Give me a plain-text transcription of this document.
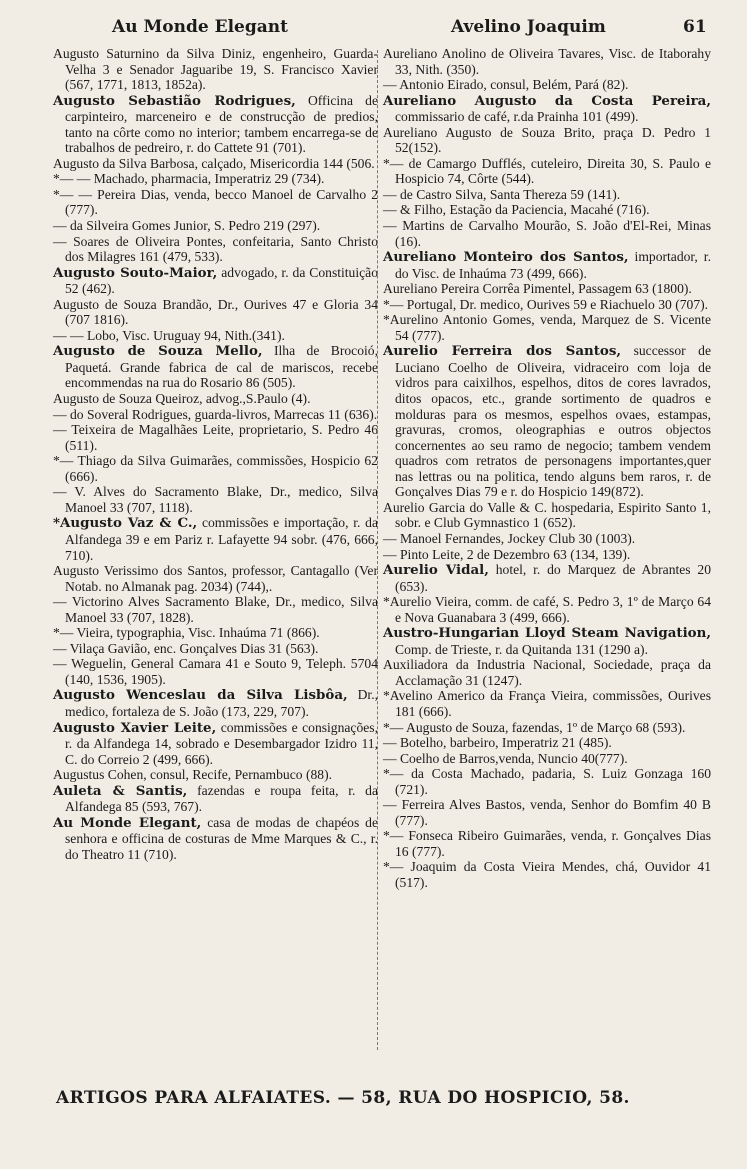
Au Monde Elegant	Avelino Joaquim	61

Augusto Saturnino da Silva Diniz, engenheiro, Guarda-Velha 3 e Senador Jaguaribe 19, S. Francisco Xavier (567, 1771, 1813, 1852a).

Augusto Sebastião Rodrigues, Officina de carpinteiro, marceneiro e de construcção de predios, tanto na côrte como no interior; tambem encarrega-se de trabalhos de pedreiro, r. do Cattete 91 (701).

Augusto da Silva Barbosa, calçado, Misericordia 144 (506.

*— — Machado, pharmacia, Imperatriz 29 (734).

*— — Pereira Dias, venda, becco Manoel de Carvalho 2 (777).

— da Silveira Gomes Junior, S. Pedro 219 (297).

— Soares de Oliveira Pontes, confeitaria, Santo Christo dos Milagres 161 (479, 533).

Augusto Souto-Maior, advogado, r. da Constituição 52 (462).

Augusto de Souza Brandão, Dr., Ourives 47 e Gloria 34 (707 1816).

— — Lobo, Visc. Uruguay 94, Nith.(341).

Augusto de Souza Mello, Ilha de Brocoió, Paquetá. Grande fabrica de cal de mariscos, recebe encommendas na rua do Rosario 86 (505).

Augusto de Souza Queiroz, advog.,S.Paulo (4).

— do Soveral Rodrigues, guarda-livros, Marrecas 11 (636).

— Teixeira de Magalhães Leite, proprietario, S. Pedro 46 (511).

*— Thiago da Silva Guimarães, commissões, Hospicio 62 (666).

— V. Alves do Sacramento Blake, Dr., medico, Silva Manoel 33 (707, 1118).

*Augusto Vaz & C., commissões e importação, r. da Alfandega 39 e em Pariz r. Lafayette 94 sobr. (476, 666, 710).

Augusto Verissimo dos Santos, professor, Cantagallo (Ver Notab. no Almanak pag. 2034) (744),.

— Victorino Alves Sacramento Blake, Dr., medico, Silva Manoel 33 (707, 1828).

*— Vieira, typographia, Visc. Inhaúma 71 (866).

— Vilaça Gavião, enc. Gonçalves Dias 31 (563).

— Weguelin, General Camara 41 e Souto 9, Teleph. 5704 (140, 1536, 1905).

Augusto Wenceslau da Silva Lisbôa, Dr., medico, fortaleza de S. João (173, 229, 707).

Augusto Xavier Leite, commissões e consignações, r. da Alfandega 14, sobrado e Desembargador Izidro 11, C. do Correio 2 (499, 666).

Augustus Cohen, consul, Recife, Pernambuco (88).

Auleta & Santis, fazendas e roupa feita, r. da Alfandega 85 (593, 767).

Au Monde Elegant, casa de modas de chapéos de senhora e officina de costuras de Mme Marques & C., r. do Theatro 11 (710).

Aureliano Anolino de Oliveira Tavares, Visc. de Itaborahy 33, Nith. (350).

— Antonio Eirado, consul, Belém, Pará (82).

Aureliano Augusto da Costa Pereira, commissario de café, r.da Prainha 101 (499).

Aureliano Augusto de Souza Brito, praça D. Pedro 1 52(152).

*— de Camargo Dufflés, cuteleiro, Direita 30, S. Paulo e Hospicio 74, Côrte (544).

— de Castro Silva, Santa Thereza 59 (141).

— & Filho, Estação da Paciencia, Macahé (716).

— Martins de Carvalho Mourão, S. João d'El-Rei, Minas (16).

Aureliano Monteiro dos Santos, importador, r. do Visc. de Inhaúma 73 (499, 666).

Aureliano Pereira Corrêa Pimentel, Passagem 63 (1800).

*— Portugal, Dr. medico, Ourives 59 e Riachuelo 30 (707).

*Aurelino Antonio Gomes, venda, Marquez de S. Vicente 54 (777).

Aurelio Ferreira dos Santos, successor de Luciano Coelho de Oliveira, vidraceiro com loja de vidros para caixilhos, espelhos, ditos de cores lavrados, ditos opacos, etc., grande sortimento de quadros e molduras para os mesmos, espelhos ovaes, estampas, gravuras, cromos, oleographias e outros objectos concernentes ao seu ramo de negocio; tambem vendem quadros com retratos de personagens importantes,quer nas lettras ou na politica, tendo alguns bem raros, r. de Gonçalves Dias 79 e r. do Hospicio 149(872).

Aurelio Garcia do Valle & C. hospedaria, Espirito Santo 1, sobr. e Club Gymnastico 1 (652).

— Manoel Fernandes, Jockey Club 30 (1003).

— Pinto Leite, 2 de Dezembro 63 (134, 139).

Aurelio Vidal, hotel, r. do Marquez de Abrantes 20 (653).

*Aurelio Vieira, comm. de café, S. Pedro 3, 1º de Março 64 e Nova Guanabara 3 (499, 666).

Austro-Hungarian Lloyd Steam Navigation, Comp. de Trieste, r. da Quitanda 131 (1290 a).

Auxiliadora da Industria Nacional, Sociedade, praça da Acclamação 31 (1247).

*Avelino Americo da França Vieira, commissões, Ourives 181 (666).

*— Augusto de Souza, fazendas, 1º de Março 68 (593).

— Botelho, barbeiro, Imperatriz 21 (485).

— Coelho de Barros,venda, Nuncio 40(777).

*— da Costa Machado, padaria, S. Luiz Gonzaga 160 (721).

— Ferreira Alves Bastos, venda, Senhor do Bomfim 40 B (777).

*— Fonseca Ribeiro Guimarães, venda, r. Gonçalves Dias 16 (777).

*— Joaquim da Costa Vieira Mendes, chá, Ouvidor 41 (517).

ARTIGOS PARA ALFAIATES. — 58, RUA DO HOSPICIO, 58.
